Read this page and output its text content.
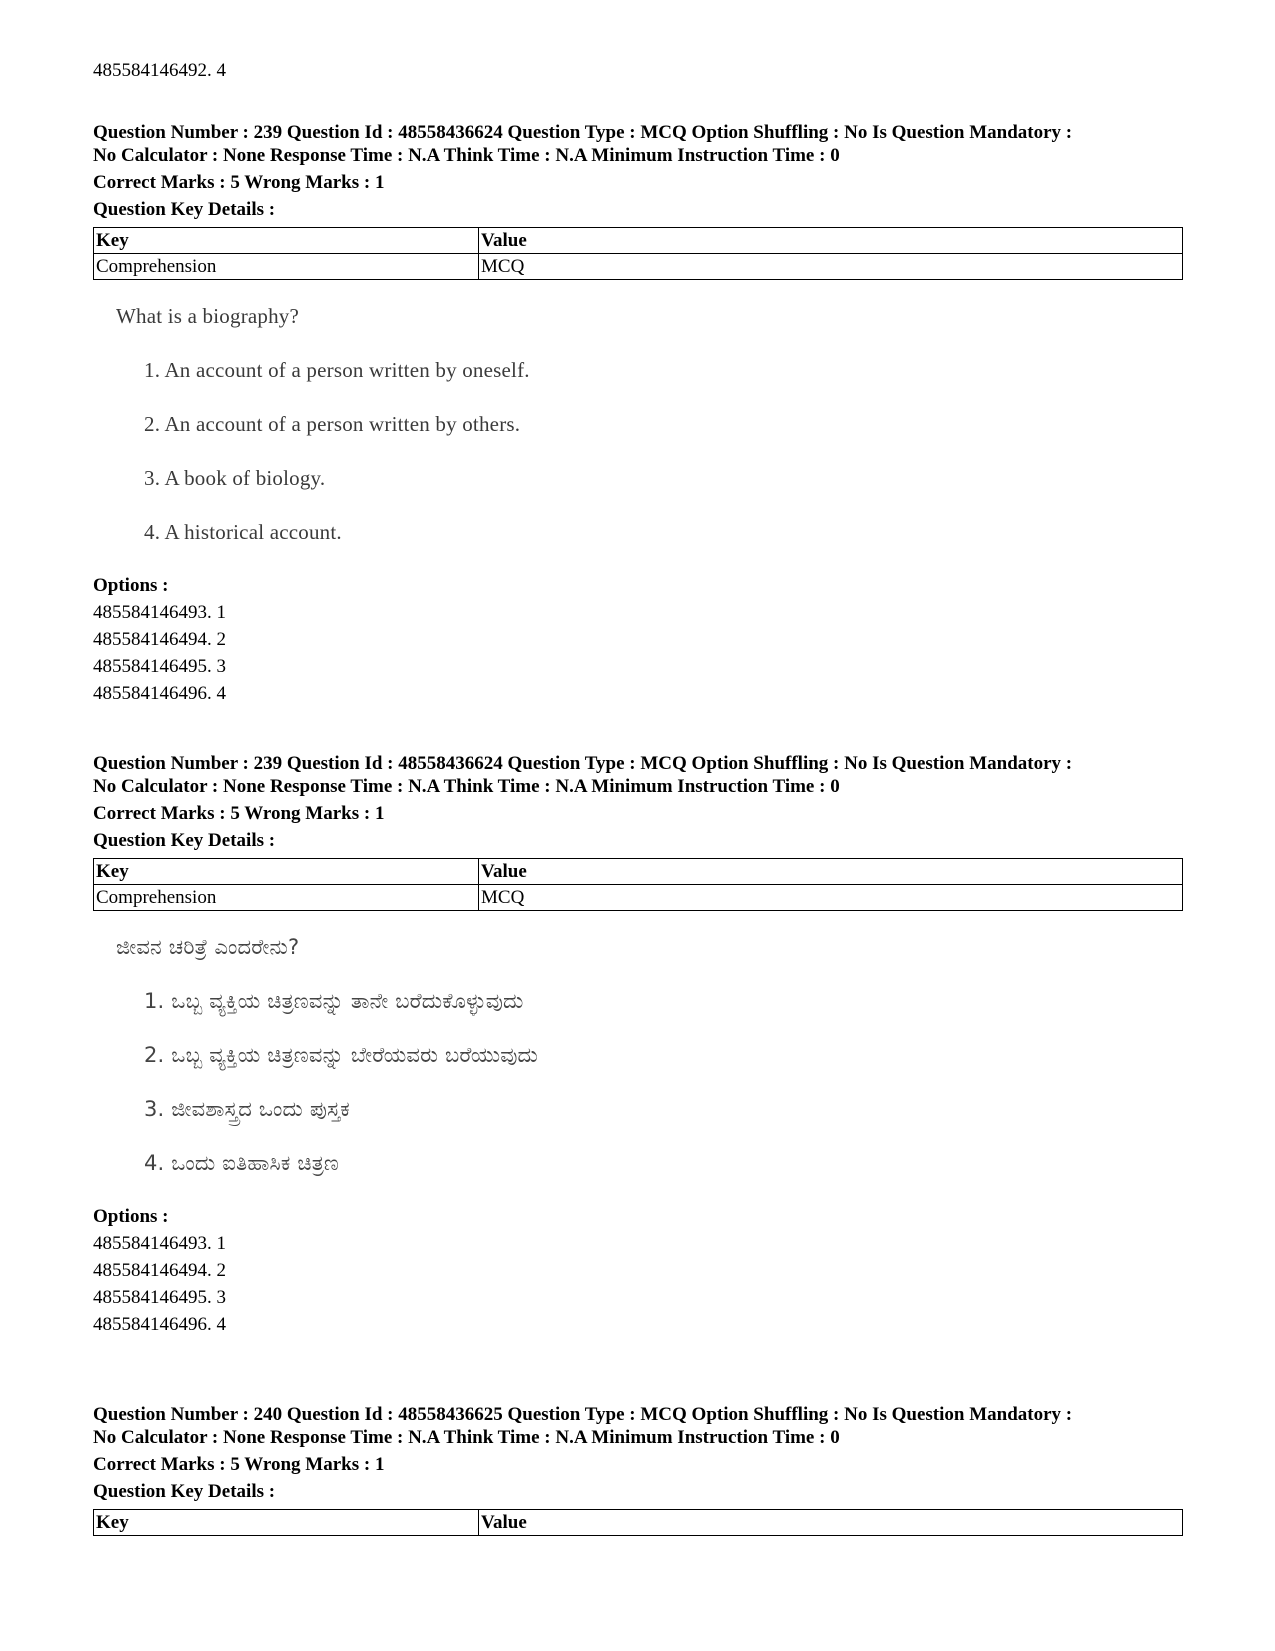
485584146492. 4

Question Number : 239 Question Id : 48558436624 Question Type : MCQ Option Shuffling : No Is Question Mandatory :

No Calculator : None Response Time : N.A Think Time : N.A Minimum Instruction Time : 0

Correct Marks : 5 Wrong Marks : 1

Question Key Details :

Key	Value
Comprehension	MCQ
What is a biography?
1. An account of a person written by oneself.
2. An account of a person written by others.
3. A book of biology.
4. A historical account.
Options :
485584146493. 1
485584146494. 2
485584146495. 3
485584146496. 4

Question Number : 239 Question Id : 48558436624 Question Type : MCQ Option Shuffling : No Is Question Mandatory :

No Calculator : None Response Time : N.A Think Time : N.A Minimum Instruction Time : 0

Correct Marks : 5 Wrong Marks : 1

Question Key Details :

Key	Value
Comprehension	MCQ
ಜೀವನ ಚರಿತ್ರೆ ಎಂದರೇನು?
1. ಒಬ್ಬ ವ್ಯಕ್ತಿಯ ಚಿತ್ರಣವನ್ನು ತಾನೇ ಬರೆದುಕೊಳ್ಳುವುದು
2. ಒಬ್ಬ ವ್ಯಕ್ತಿಯ ಚಿತ್ರಣವನ್ನು ಬೇರೆಯವರು ಬರೆಯುವುದು
3. ಜೀವಶಾಸ್ತ್ರದ ಒಂದು ಪುಸ್ತಕ
4. ಒಂದು ಐತಿಹಾಸಿಕ ಚಿತ್ರಣ
Options :
485584146493. 1
485584146494. 2
485584146495. 3
485584146496. 4

Question Number : 240 Question Id : 48558436625 Question Type : MCQ Option Shuffling : No Is Question Mandatory :

No Calculator : None Response Time : N.A Think Time : N.A Minimum Instruction Time : 0

Correct Marks : 5 Wrong Marks : 1

Question Key Details :

Key	Value
